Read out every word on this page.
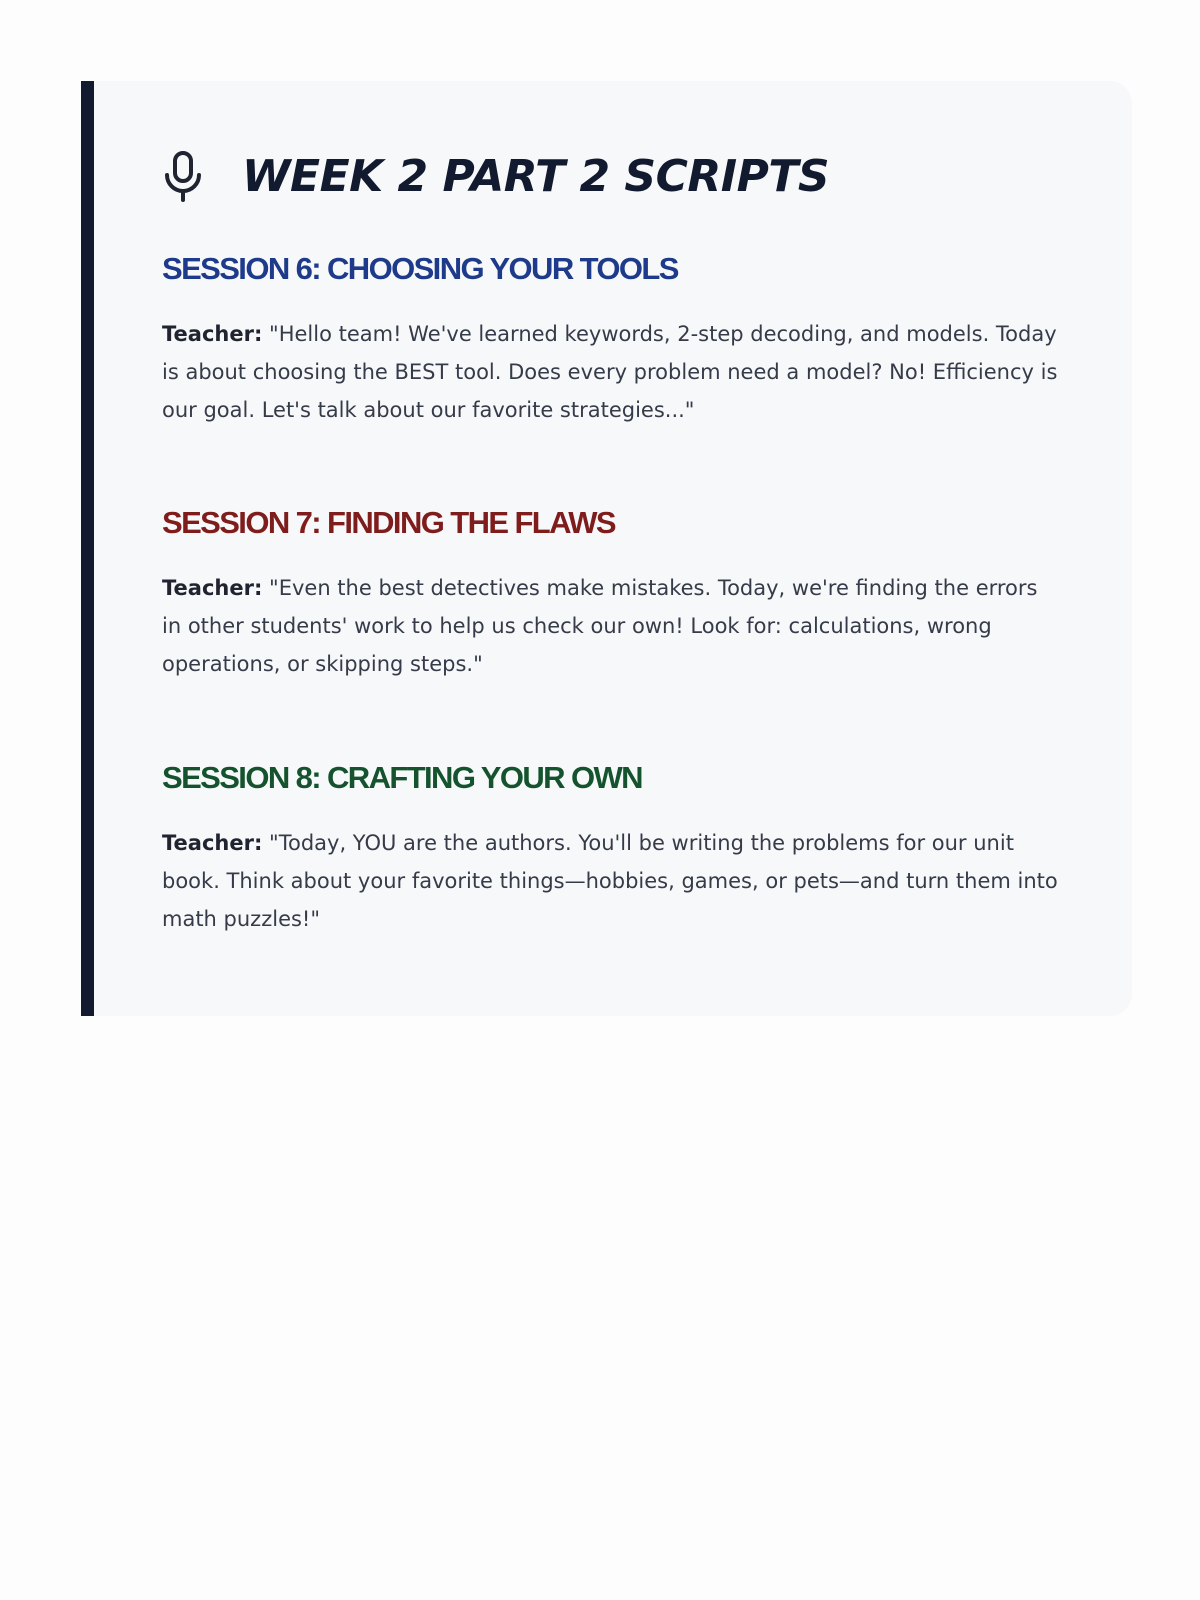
WEEK 2 PART 2 SCRIPTS
SESSION 6: CHOOSING YOUR TOOLS

Teacher: "Hello team! We've learned keywords, 2-step decoding, and models. Today is about choosing the BEST tool. Does every problem need a model? No! Efficiency is our goal. Let's talk about our favorite strategies..."

SESSION 7: FINDING THE FLAWS

Teacher: "Even the best detectives make mistakes. Today, we're finding the errors in other students' work to help us check our own! Look for: calculations, wrong operations, or skipping steps."

SESSION 8: CRAFTING YOUR OWN

Teacher: "Today, YOU are the authors. You'll be writing the problems for our unit book. Think about your favorite things—hobbies, games, or pets—and turn them into math puzzles!"
